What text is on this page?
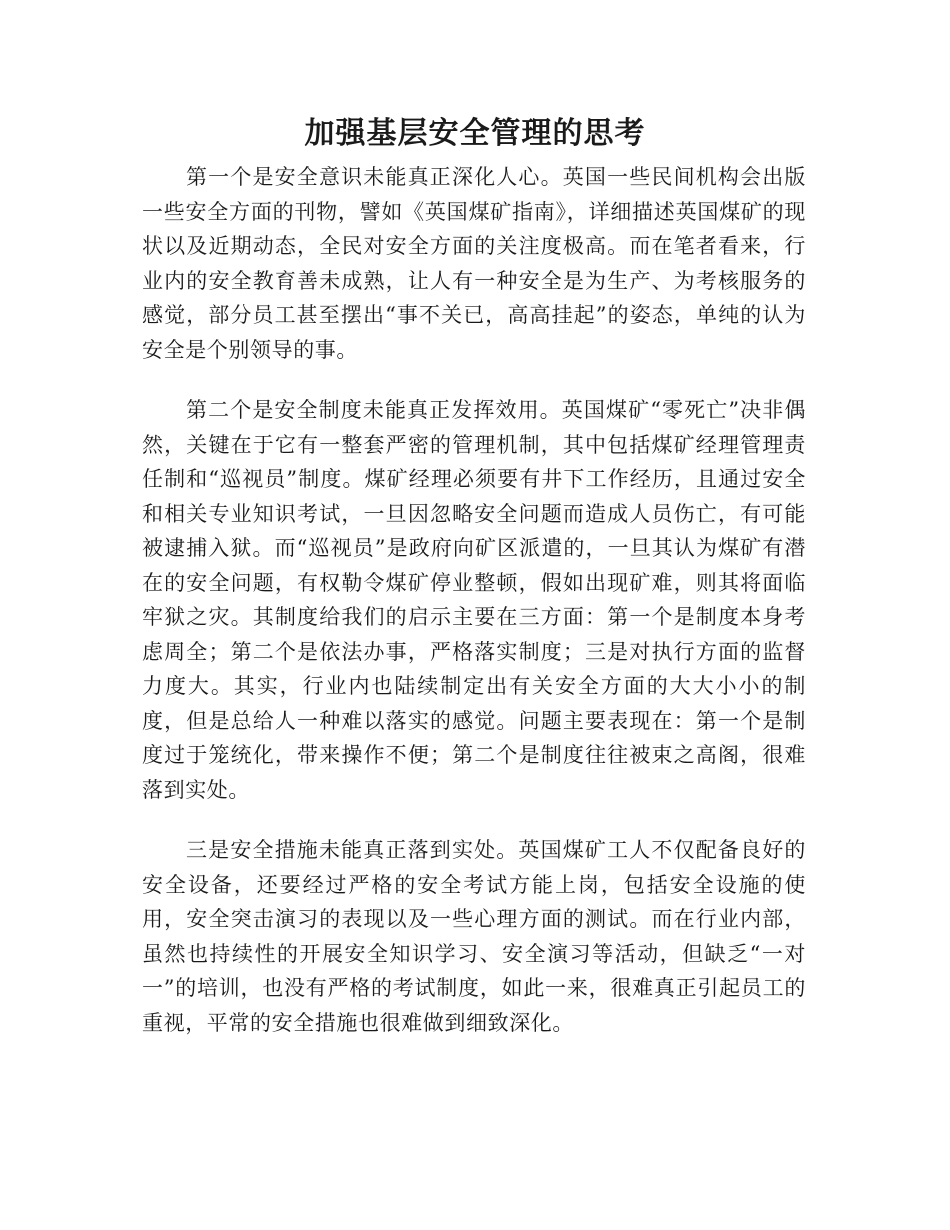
加强基层安全管理的思考

第一个是安全意识未能真正深化人心。英国一些民间机构会出版一些安全方面的刊物，譬如《英国煤矿指南》，详细描述英国煤矿的现状以及近期动态，全民对安全方面的关注度极高。而在笔者看来，行业内的安全教育善未成熟，让人有一种安全是为生产、为考核服务的感觉，部分员工甚至摆出“事不关已，高高挂起”的姿态，单纯的认为安全是个别领导的事。

第二个是安全制度未能真正发挥效用。英国煤矿“零死亡”决非偶然，关键在于它有一整套严密的管理机制，其中包括煤矿经理管理责任制和“巡视员”制度。煤矿经理必须要有井下工作经历，且通过安全和相关专业知识考试，一旦因忽略安全问题而造成人员伤亡，有可能被逮捕入狱。而“巡视员”是政府向矿区派遣的，一旦其认为煤矿有潜在的安全问题，有权勒令煤矿停业整顿，假如出现矿难，则其将面临牢狱之灾。其制度给我们的启示主要在三方面：第一个是制度本身考虑周全；第二个是依法办事，严格落实制度；三是对执行方面的监督力度大。其实，行业内也陆续制定出有关安全方面的大大小小的制度，但是总给人一种难以落实的感觉。问题主要表现在：第一个是制度过于笼统化，带来操作不便；第二个是制度往往被束之高阁，很难落到实处。

三是安全措施未能真正落到实处。英国煤矿工人不仅配备良好的安全设备，还要经过严格的安全考试方能上岗，包括安全设施的使用，安全突击演习的表现以及一些心理方面的测试。而在行业内部，虽然也持续性的开展安全知识学习、安全演习等活动，但缺乏“一对一”的培训，也没有严格的考试制度，如此一来，很难真正引起员工的重视，平常的安全措施也很难做到细致深化。
